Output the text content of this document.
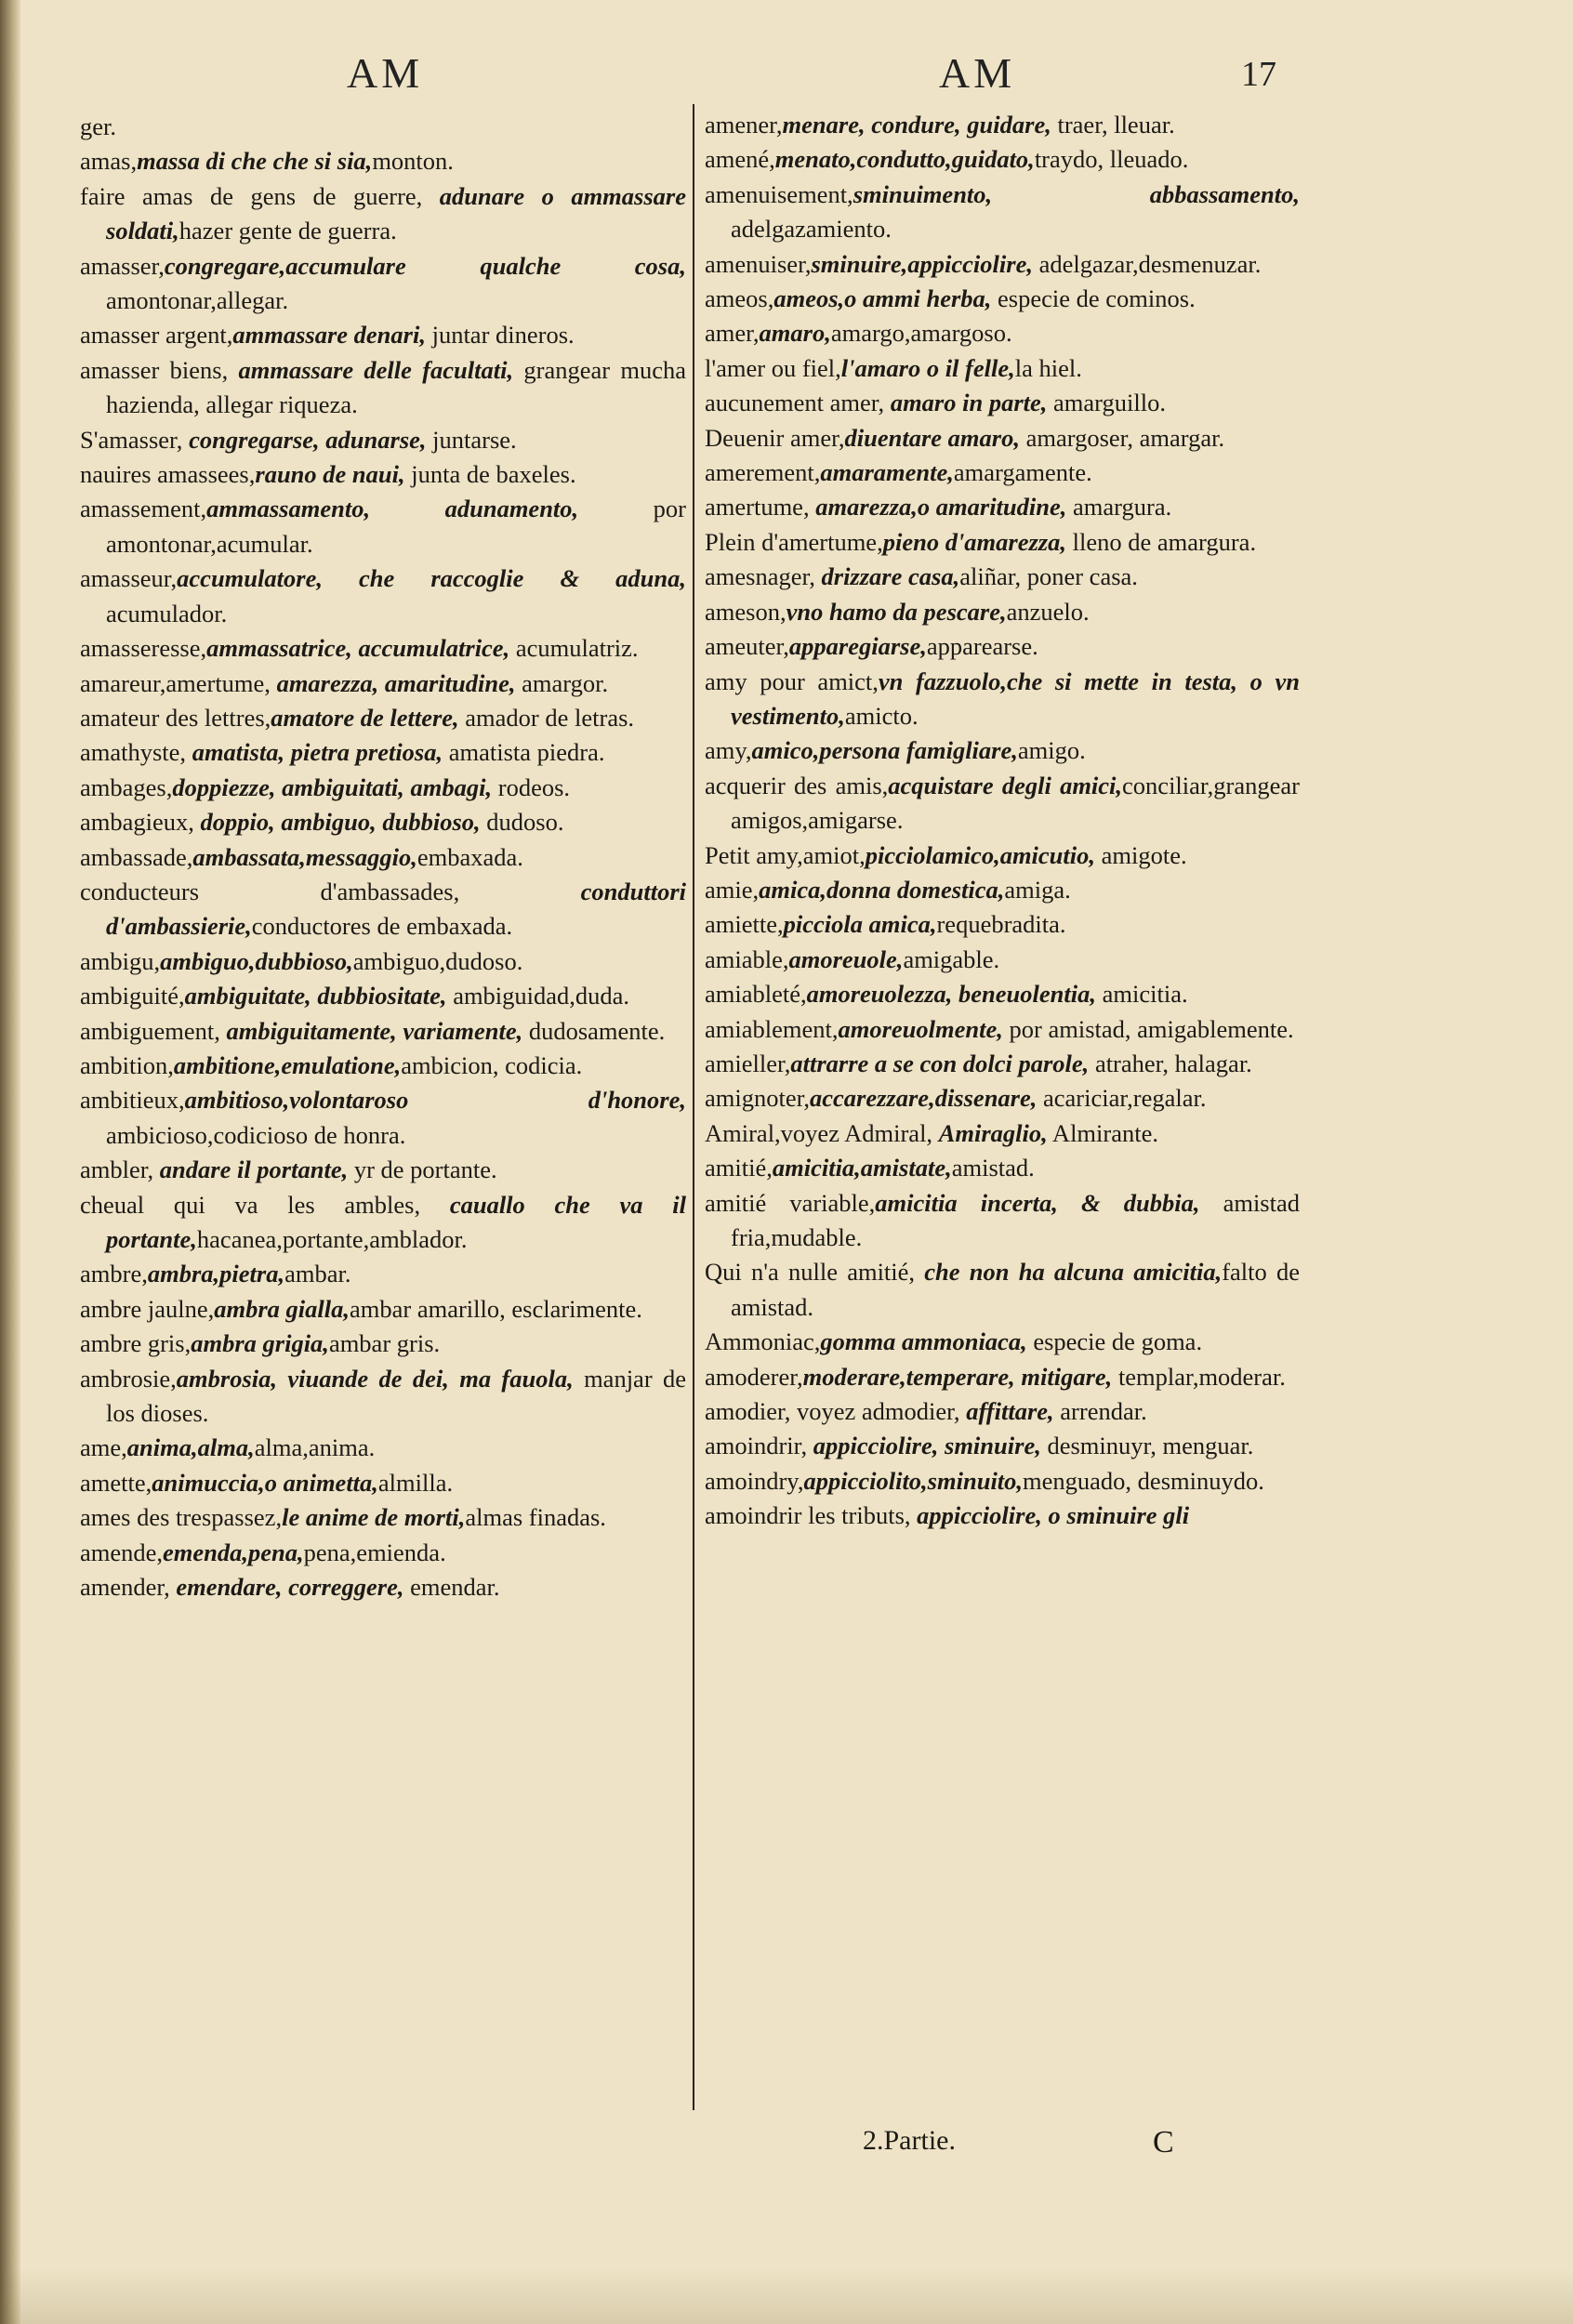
AM	AM	17
ger.
amas,massa di che che si sia,monton.
faire amas de gens de guerre, adunare o ammassare soldati,hazer gente de guerra.
amasser,congregare,accumulare qualche cosa, amontonar,allegar.
amasser argent,ammassare denari, juntar dineros.
amasser biens, ammassare delle facultati, grangear mucha hazienda, allegar riqueza.
S'amasser, congregarse, adunarse, juntarse.
nauires amassees,rauno de naui, junta de baxeles.
amassement,ammassamento, adunamento, por amontonar,acumular.
amasseur,accumulatore, che raccoglie & aduna, acumulador.
amasseresse,ammassatrice, accumulatrice, acumulatriz.
amareur,amertume, amarezza, amaritudine, amargor.
amateur des lettres,amatore de lettere, amador de letras.
amathyste, amatista, pietra pretiosa, amatista piedra.
ambages,doppiezze, ambiguitati, ambagi, rodeos.
ambagieux, doppio, ambiguo, dubbioso, dudoso.
ambassade,ambassata,messaggio,embaxada.
conducteurs d'ambassades, conduttori d'ambassierie,conductores de embaxada.
ambigu,ambiguo,dubbioso,ambiguo,dudoso.
ambiguité,ambiguitate, dubbiositate, ambiguidad,duda.
ambiguement, ambiguitamente, variamente, dudosamente.
ambition,ambitione,emulatione,ambicion, codicia.
ambitieux,ambitioso,volontaroso d'honore, ambicioso,codicioso de honra.
ambler, andare il portante, yr de portante.
cheual qui va les ambles, cauallo che va il portante,hacanea,portante,amblador.
ambre,ambra,pietra,ambar.
ambre jaulne,ambra gialla,ambar amarillo, esclarimente.
ambre gris,ambra grigia,ambar gris.
ambrosie,ambrosia, viuande de dei, ma fauola, manjar de los dioses.
ame,anima,alma,alma,anima.
amette,animuccia,o animetta,almilla.
ames des trespassez,le anime de morti,almas finadas.
amende,emenda,pena,pena,emienda.
amender, emendare, correggere, emendar.
amener,menare, condure, guidare, traer, lleuar.
amené,menato,condutto,guidato,traydo, lleuado.
amenuisement,sminuimento, abbassamento, adelgazamiento.
amenuiser,sminuire,appicciolire, adelgazar,desmenuzar.
ameos,ameos,o ammi herba, especie de cominos.
amer,amaro,amargo,amargoso.
l'amer ou fiel,l'amaro o il felle,la hiel.
aucunement amer, amaro in parte, amarguillo.
Deuenir amer,diuentare amaro, amargoser, amargar.
amerement,amaramente,amargamente.
amertume, amarezza,o amaritudine, amargura.
Plein d'amertume,pieno d'amarezza, lleno de amargura.
amesnager, drizzare casa,aliñar, poner casa.
ameson,vno hamo da pescare,anzuelo.
ameuter,apparegiarse,apparearse.
amy pour amict,vn fazzuolo,che si mette in testa, o vn vestimento,amicto.
amy,amico,persona famigliare,amigo.
acquerir des amis,acquistare degli amici,conciliar,grangear amigos,amigarse.
Petit amy,amiot,picciolamico,amicutio, amigote.
amie,amica,donna domestica,amiga.
amiette,picciola amica,requebradita.
amiable,amoreuole,amigable.
amiableté,amoreuolezza, beneuolentia, amicitia.
amiablement,amoreuolmente, por amistad, amigablemente.
amieller,attrarre a se con dolci parole, atraher, halagar.
amignoter,accarezzare,dissenare, acariciar,regalar.
Amiral,voyez Admiral, Amiraglio, Almirante.
amitié,amicitia,amistate,amistad.
amitié variable,amicitia incerta, & dubbia, amistad fria,mudable.
Qui n'a nulle amitié, che non ha alcuna amicitia,falto de amistad.
Ammoniac,gomma ammoniaca, especie de goma.
amoderer,moderare,temperare, mitigare, templar,moderar.
amodier, voyez admodier, affittare, arrendar.
amoindrir, appicciolire, sminuire, desminuyr, menguar.
amoindry,appicciolito,sminuito,menguado, desminuydo.
amoindrir les tributs, appicciolire, o sminuire gli
2.Partie.	C
